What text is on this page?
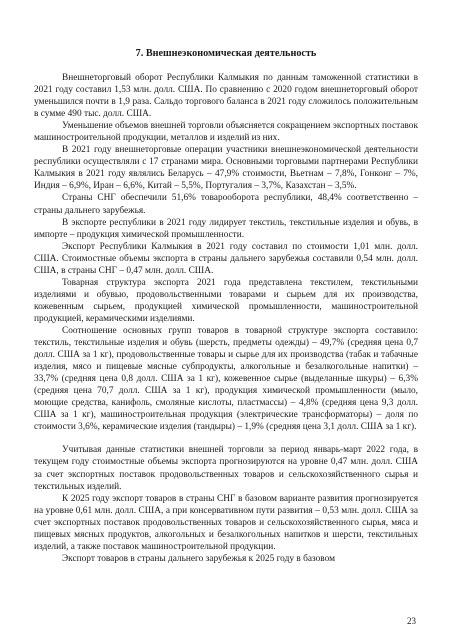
7. Внешнеэкономическая деятельность

Внешнеторговый оборот Республики Калмыкия по данным таможенной статистики в 2021 году составил 1,53 млн. долл. США. По сравнению с 2020 годом внешнеторговый оборот уменьшился почти в 1,9 раза. Сальдо торгового баланса в 2021 году сложилось положительным в сумме 490 тыс. долл. США.

Уменьшение объемов внешней торговли объясняется сокращением экспортных поставок машиностроительной продукции, металлов и изделий из них.

В 2021 году внешнеторговые операции участники внешнеэкономической деятельности республики осуществляли с 17 странами мира. Основными торговыми партнерами Республики Калмыкия в 2021 году являлись Беларусь – 47,9% стоимости, Вьетнам – 7,8%, Гонконг – 7%, Индия – 6,9%, Иран – 6,6%, Китай – 5,5%, Португалия – 3,7%, Казахстан – 3,5%.

Страны СНГ обеспечили 51,6% товарооборота республики, 48,4% соответственно – страны дальнего зарубежья.

В экспорте республики в 2021 году лидирует текстиль, текстильные изделия и обувь, в импорте – продукция химической промышленности.

Экспорт Республики Калмыкия в 2021 году составил по стоимости 1,01 млн. долл. США. Стоимостные объемы экспорта в страны дальнего зарубежья составили 0,54 млн. долл. США, в страны СНГ – 0,47 млн. долл. США.

Товарная структура экспорта 2021 года представлена текстилем, текстильными изделиями и обувью, продовольственными товарами и сырьем для их производства, кожевенным сырьем, продукцией химической промышленности, машиностроительной продукцией, керамическими изделиями.

Соотношение основных групп товаров в товарной структуре экспорта составило: текстиль, текстильные изделия и обувь (шерсть, предметы одежды) – 49,7% (средняя цена 0,7 долл. США за 1 кг), продовольственные товары и сырье для их производства (табак и табачные изделия, мясо и пищевые мясные субпродукты, алкогольные и безалкогольные напитки) – 33,7% (средняя цена 0,8 долл. США за 1 кг), кожевенное сырье (выделанные шкуры) – 6,3% (средняя цена 70,7 долл. США за 1 кг), продукция химической промышленности (мыло, моющие средства, канифоль, смоляные кислоты, пластмассы) – 4,8% (средняя цена 9,3 долл. США за 1 кг), машиностроительная продукция (электрические трансформаторы) – доля по стоимости 3,6%, керамические изделия (тандыры) – 1,9% (средняя цена 3,1 долл. США за 1 кг).

Учитывая данные статистики внешней торговли за период январь-март 2022 года, в текущем году стоимостные объемы экспорта прогнозируются на уровне 0,47 млн. долл. США за счет экспортных поставок продовольственных товаров и сельскохозяйственного сырья и текстильных изделий.

К 2025 году экспорт товаров в страны СНГ в базовом варианте развития прогнозируется на уровне 0,61 млн. долл. США, а при консервативном пути развития – 0,53 млн. долл. США за счет экспортных поставок продовольственных товаров и сельскохозяйственного сырья, мяса и пищевых мясных продуктов, алкогольных и безалкогольных напитков и шерсти, текстильных изделий, а также поставок машиностроительной продукции.

Экспорт товаров в страны дальнего зарубежья к 2025 году в базовом

23
